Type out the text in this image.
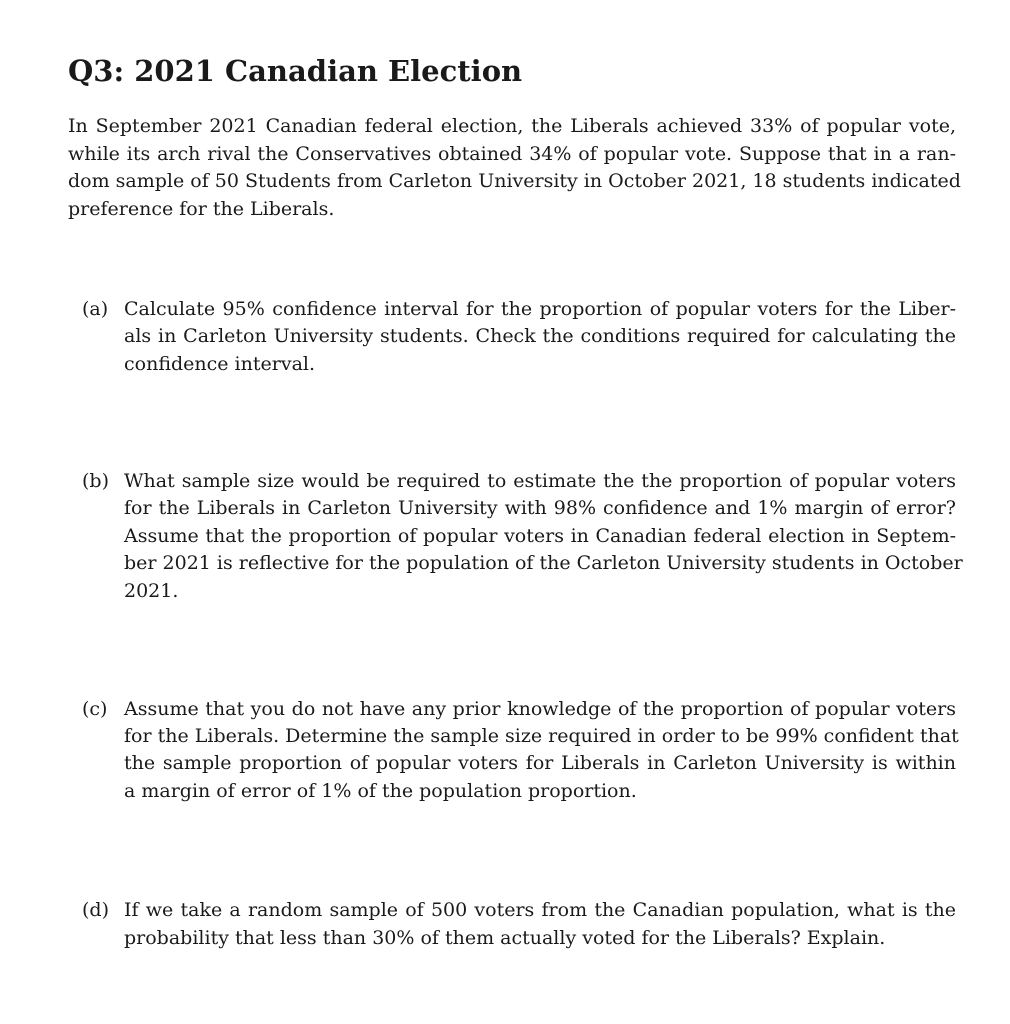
Q3: 2021 Canadian Election
In September 2021 Canadian federal election, the Liberals achieved 33% of popular vote,
while its arch rival the Conservatives obtained 34% of popular vote. Suppose that in a ran-
dom sample of 50 Students from Carleton University in October 2021, 18 students indicated
preference for the Liberals.
(a) Calculate 95% confidence interval for the proportion of popular voters for the Liber-
als in Carleton University students. Check the conditions required for calculating the
confidence interval.
(b) What sample size would be required to estimate the the proportion of popular voters
for the Liberals in Carleton University with 98% confidence and 1% margin of error?
Assume that the proportion of popular voters in Canadian federal election in Septem-
ber 2021 is reflective for the population of the Carleton University students in October
2021.
(c) Assume that you do not have any prior knowledge of the proportion of popular voters
for the Liberals. Determine the sample size required in order to be 99% confident that
the sample proportion of popular voters for Liberals in Carleton University is within
a margin of error of 1% of the population proportion.
(d) If we take a random sample of 500 voters from the Canadian population, what is the
probability that less than 30% of them actually voted for the Liberals? Explain.
